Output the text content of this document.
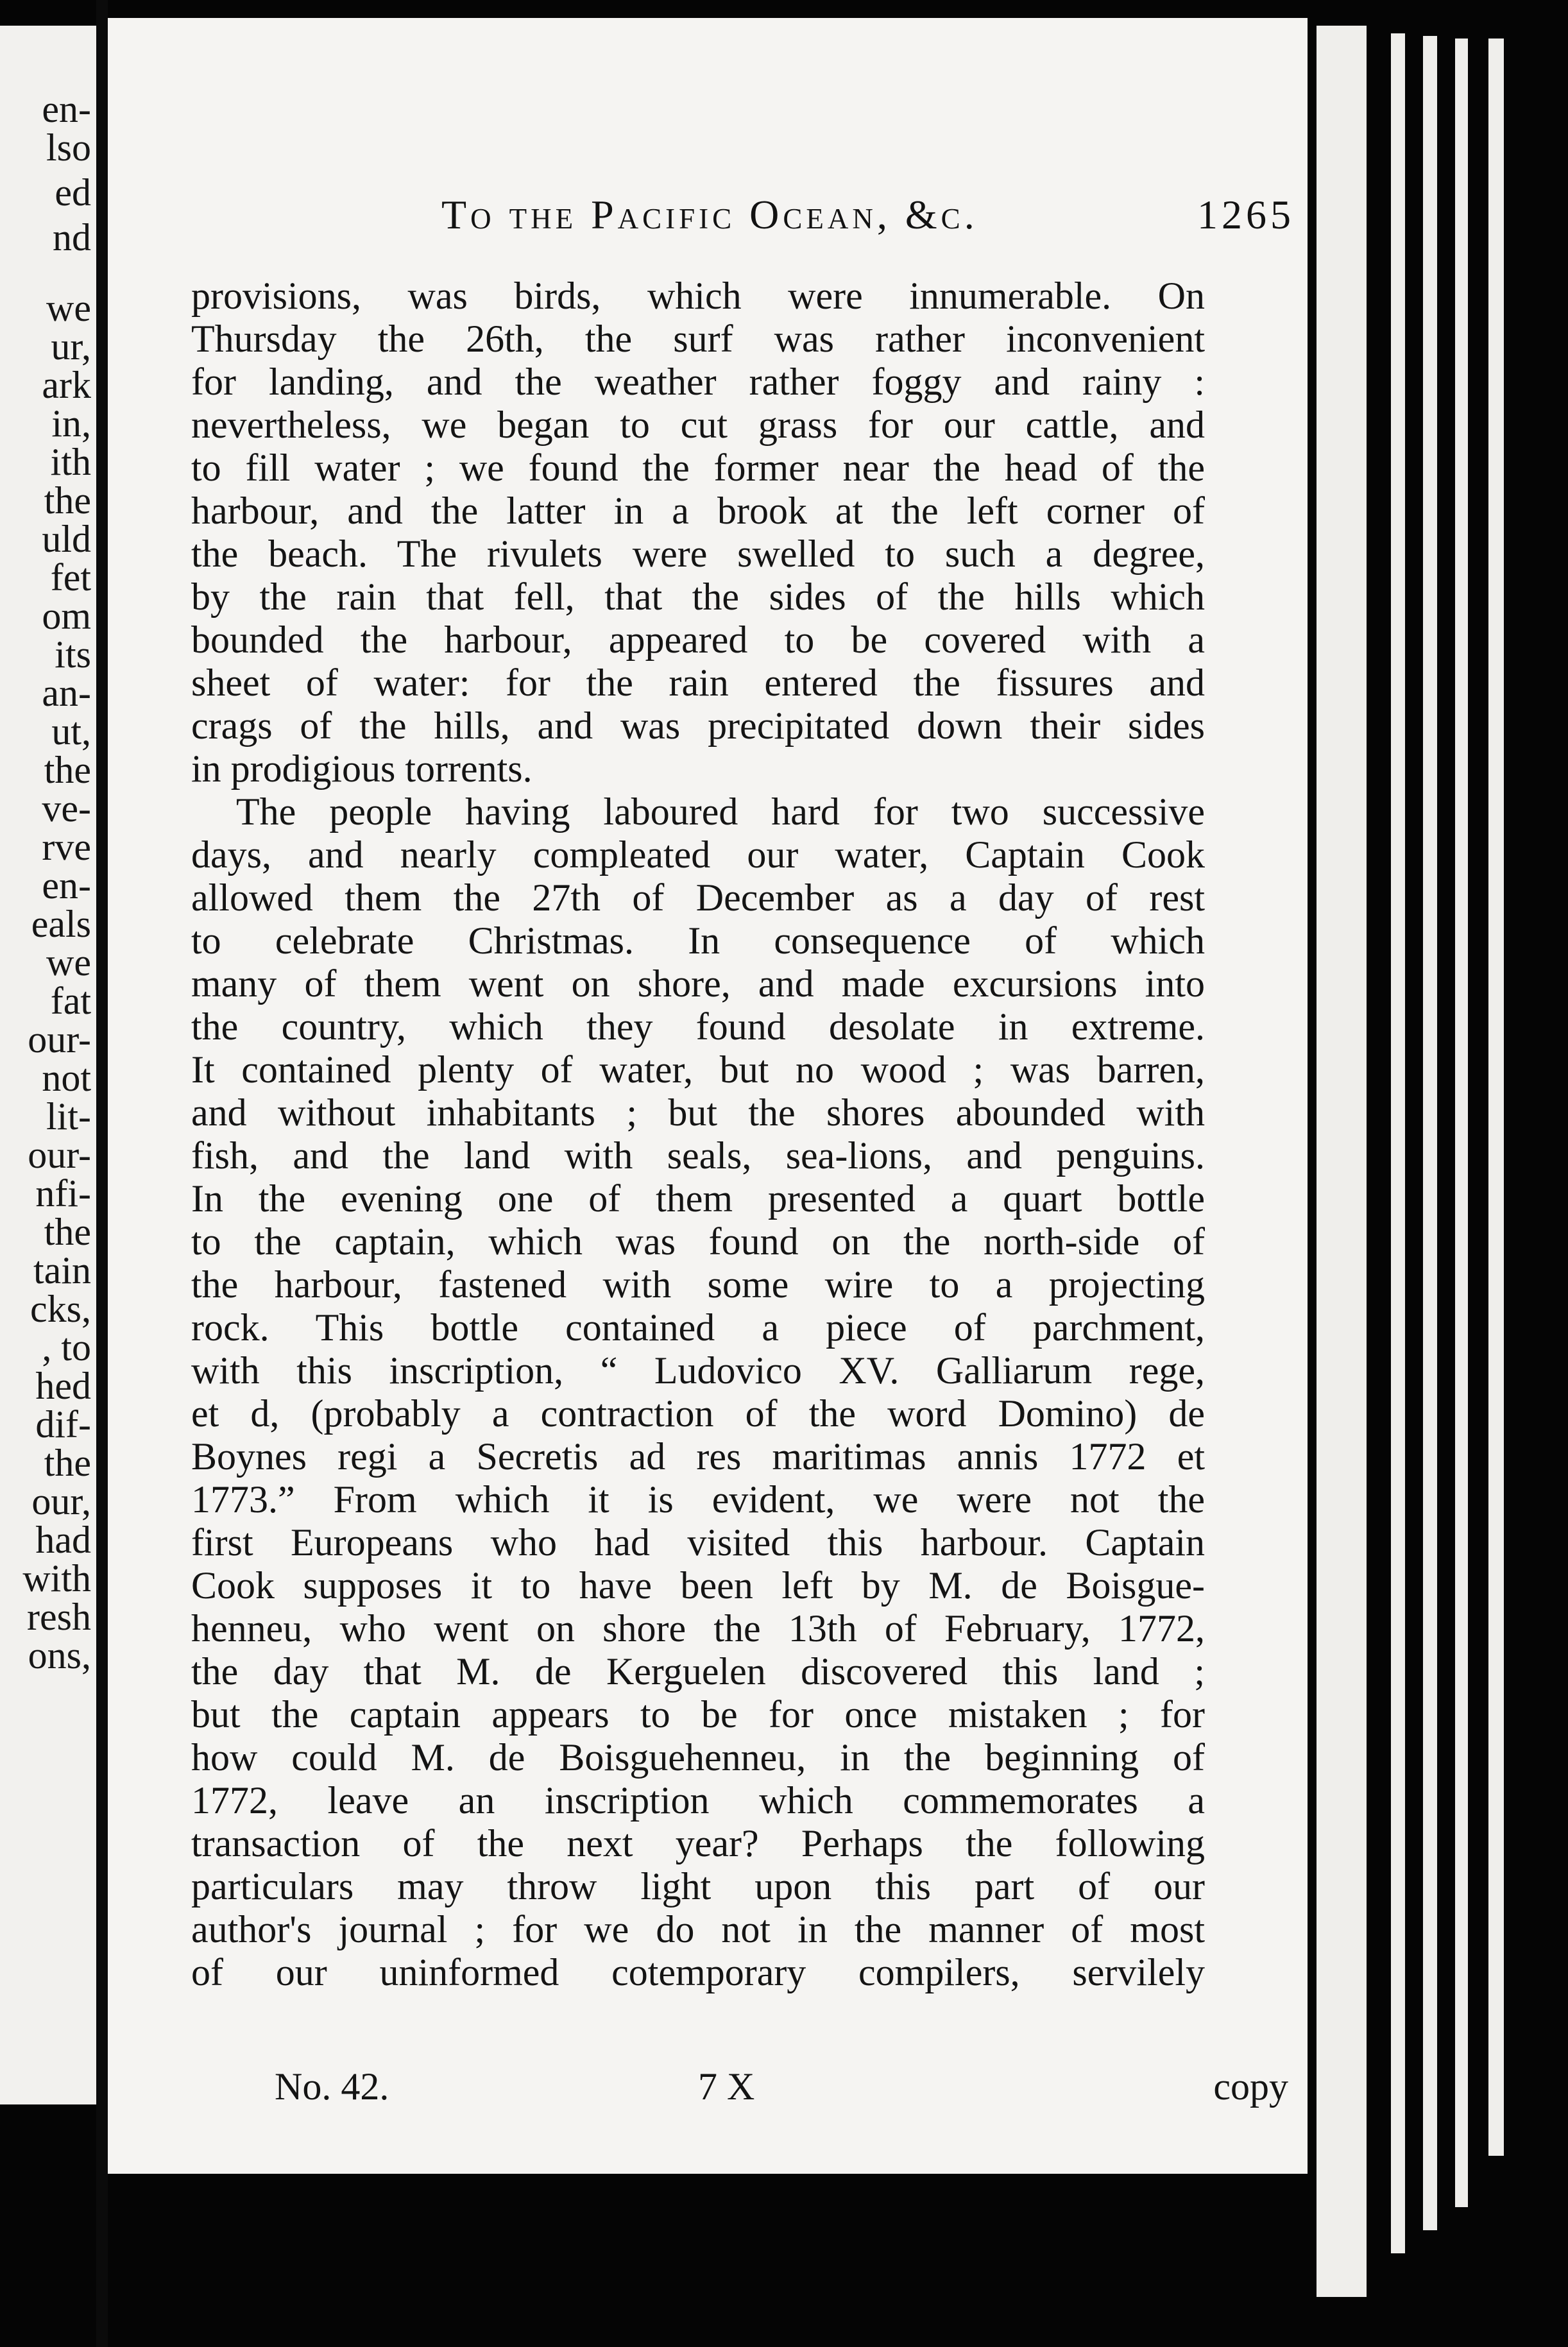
en-
lso
ed
nd
we
ur,
ark
in,
ith
the
uld
fet
om
its
an-
ut,
the
ve-
rve
en-
eals
we
fat
our-
not
lit-
our-
nfi-
the
tain
cks,
, to
hed
dif-
the
our,
had
with
resh
ons,
To the Pacific Ocean, &c.	1265
provisions, was birds, which were innumerable. On
Thursday the 26th, the surf was rather inconvenient
for landing, and the weather rather foggy and rainy :
nevertheless, we began to cut grass for our cattle, and
to fill water ; we found the former near the head of the
harbour, and the latter in a brook at the left corner of
the beach. The rivulets were swelled to such a degree,
by the rain that fell, that the sides of the hills which
bounded the harbour, appeared to be covered with a
sheet of water: for the rain entered the fissures and
crags of the hills, and was precipitated down their sides
in prodigious torrents.
The people having laboured hard for two successive
days, and nearly compleated our water, Captain Cook
allowed them the 27th of December as a day of rest
to celebrate Christmas. In consequence of which
many of them went on shore, and made excursions into
the country, which they found desolate in extreme.
It contained plenty of water, but no wood ; was barren,
and without inhabitants ; but the shores abounded with
fish, and the land with seals, sea-lions, and penguins.
In the evening one of them presented a quart bottle
to the captain, which was found on the north-side of
the harbour, fastened with some wire to a projecting
rock. This bottle contained a piece of parchment,
with this inscription, “ Ludovico XV. Galliarum rege,
et d, (probably a contraction of the word Domino) de
Boynes regi a Secretis ad res maritimas annis 1772 et
1773.” From which it is evident, we were not the
first Europeans who had visited this harbour. Captain
Cook supposes it to have been left by M. de Boisgue-
henneu, who went on shore the 13th of February, 1772,
the day that M. de Kerguelen discovered this land ;
but the captain appears to be for once mistaken ; for
how could M. de Boisguehenneu, in the beginning of
1772, leave an inscription which commemorates a
transaction of the next year? Perhaps the following
particulars may throw light upon this part of our
author's journal ; for we do not in the manner of most
of our uninformed cotemporary compilers, servilely
No. 42.	7 X	copy
